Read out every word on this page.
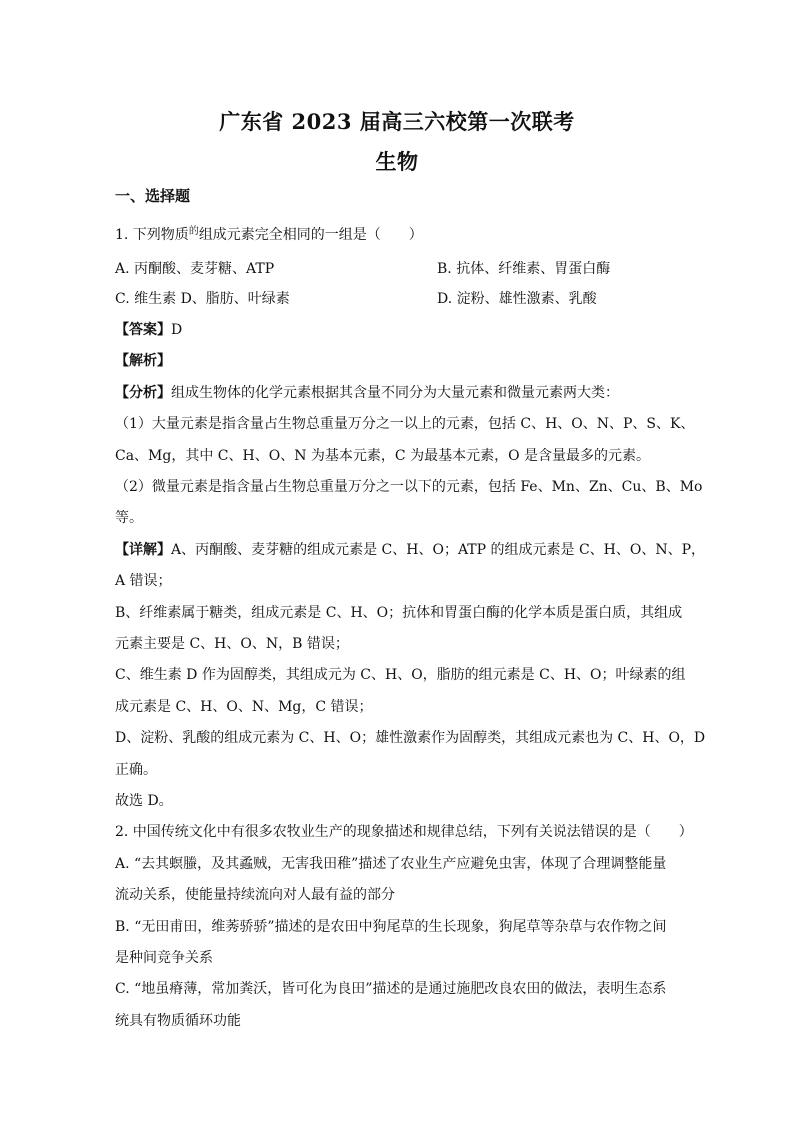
广东省 2023 届高三六校第一次联考
生物
一、选择题
1. 下列物质$^的$组成元素完全相同的一组是（　　）
A. 丙酮酸、麦芽糖、ATP	B. 抗体、纤维素、胃蛋白酶
C. 维生素 D、脂肪、叶绿素	D. 淀粉、雄性激素、乳酸
【答案】D
【解析】
【分析】组成生物体的化学元素根据其含量不同分为大量元素和微量元素两大类：
（1）大量元素是指含量占生物总重量万分之一以上的元素，包括 C、H、O、N、P、S、K、
Ca、Mg，其中 C、H、O、N 为基本元素，C 为最基本元素，O 是含量最多的元素。
（2）微量元素是指含量占生物总重量万分之一以下的元素，包括 Fe、Mn、Zn、Cu、B、Mo
等。
【详解】A、丙酮酸、麦芽糖的组成元素是 C、H、O；ATP 的组成元素是 C、H、O、N、P，
A 错误；
B、纤维素属于糖类，组成元素是 C、H、O；抗体和胃蛋白酶的化学本质是蛋白质，其组成
元素主要是 C、H、O、N，B 错误；
C、维生素 D 作为固醇类，其组成元为 C、H、O，脂肪的组元素是 C、H、O；叶绿素的组
成元素是 C、H、O、N、Mg，C 错误；
D、淀粉、乳酸的组成元素为 C、H、O；雄性激素作为固醇类，其组成元素也为 C、H、O，D
正确。
故选 D。
2. 中国传统文化中有很多农牧业生产的现象描述和规律总结，下列有关说法错误的是（　　）
A. “去其螟螣，及其蟊贼，无害我田稚”描述了农业生产应避免虫害，体现了合理调整能量
流动关系，使能量持续流向对人最有益的部分
B. “无田甫田，维莠骄骄”描述的是农田中狗尾草的生长现象，狗尾草等杂草与农作物之间
是种间竞争关系
C. “地虽瘠薄，常加粪沃，皆可化为良田”描述的是通过施肥改良农田的做法，表明生态系
统具有物质循环功能
